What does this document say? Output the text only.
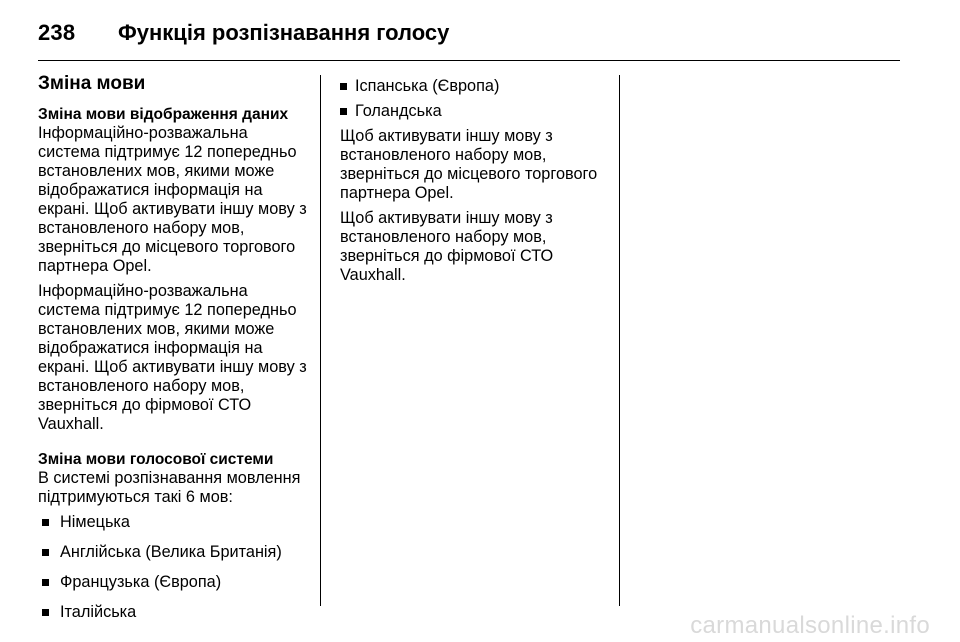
238 Функція розпізнавання голосу
Зміна мови
Зміна мови відображення даних

Інформаційно-розважальна система підтримує 12 попередньо встановлених мов, якими може відображатися інформація на екрані. Щоб активувати іншу мову з встановленого набору мов, зверніться до місцевого торгового партнера Opel.

Інформаційно-розважальна система підтримує 12 попередньо встановлених мов, якими може відображатися інформація на екрані. Щоб активувати іншу мову з встановленого набору мов, зверніться до фірмової СТО Vauxhall.

Зміна мови голосової системи

В системі розпізнавання мовлення підтримуються такі 6 мов:

Німецька
Англійська (Велика Британія)
Французька (Європа)
Італійська
Іспанська (Європа)
Голандська

Щоб активувати іншу мову з встановленого набору мов, зверніться до місцевого торгового партнера Opel.

Щоб активувати іншу мову з встановленого набору мов, зверніться до фірмової СТО Vauxhall.

carmanualsonline.info
